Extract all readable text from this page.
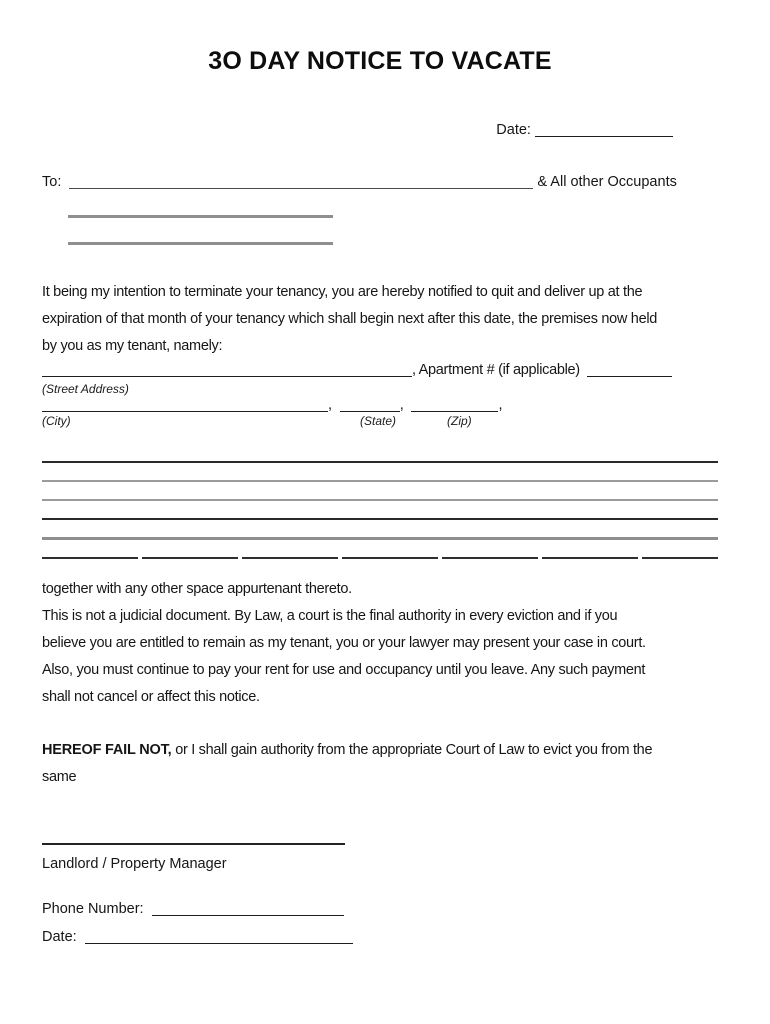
3O DAY NOTICE TO VACATE
Date:
To:	& All other Occupants
It being my intention to terminate your tenancy, you are hereby notified to quit and deliver up at the
expiration of that month of your tenancy which shall begin next after this date, the premises now held
by you as my tenant, namely:
, Apartment # (if applicable)
(Street Address)
,	,	,
(City)	(State)	(Zip)
together with any other space appurtenant thereto.
This is not a judicial document. By Law, a court is the final authority in every eviction and if you
believe you are entitled to remain as my tenant, you or your lawyer may present your case in court.
Also, you must continue to pay your rent for use and occupancy until you leave. Any such payment
shall not cancel or affect this notice.
HEREOF FAIL NOT, or I shall gain authority from the appropriate Court of Law to evict you from the
same
Landlord / Property Manager
Phone Number:
Date:
